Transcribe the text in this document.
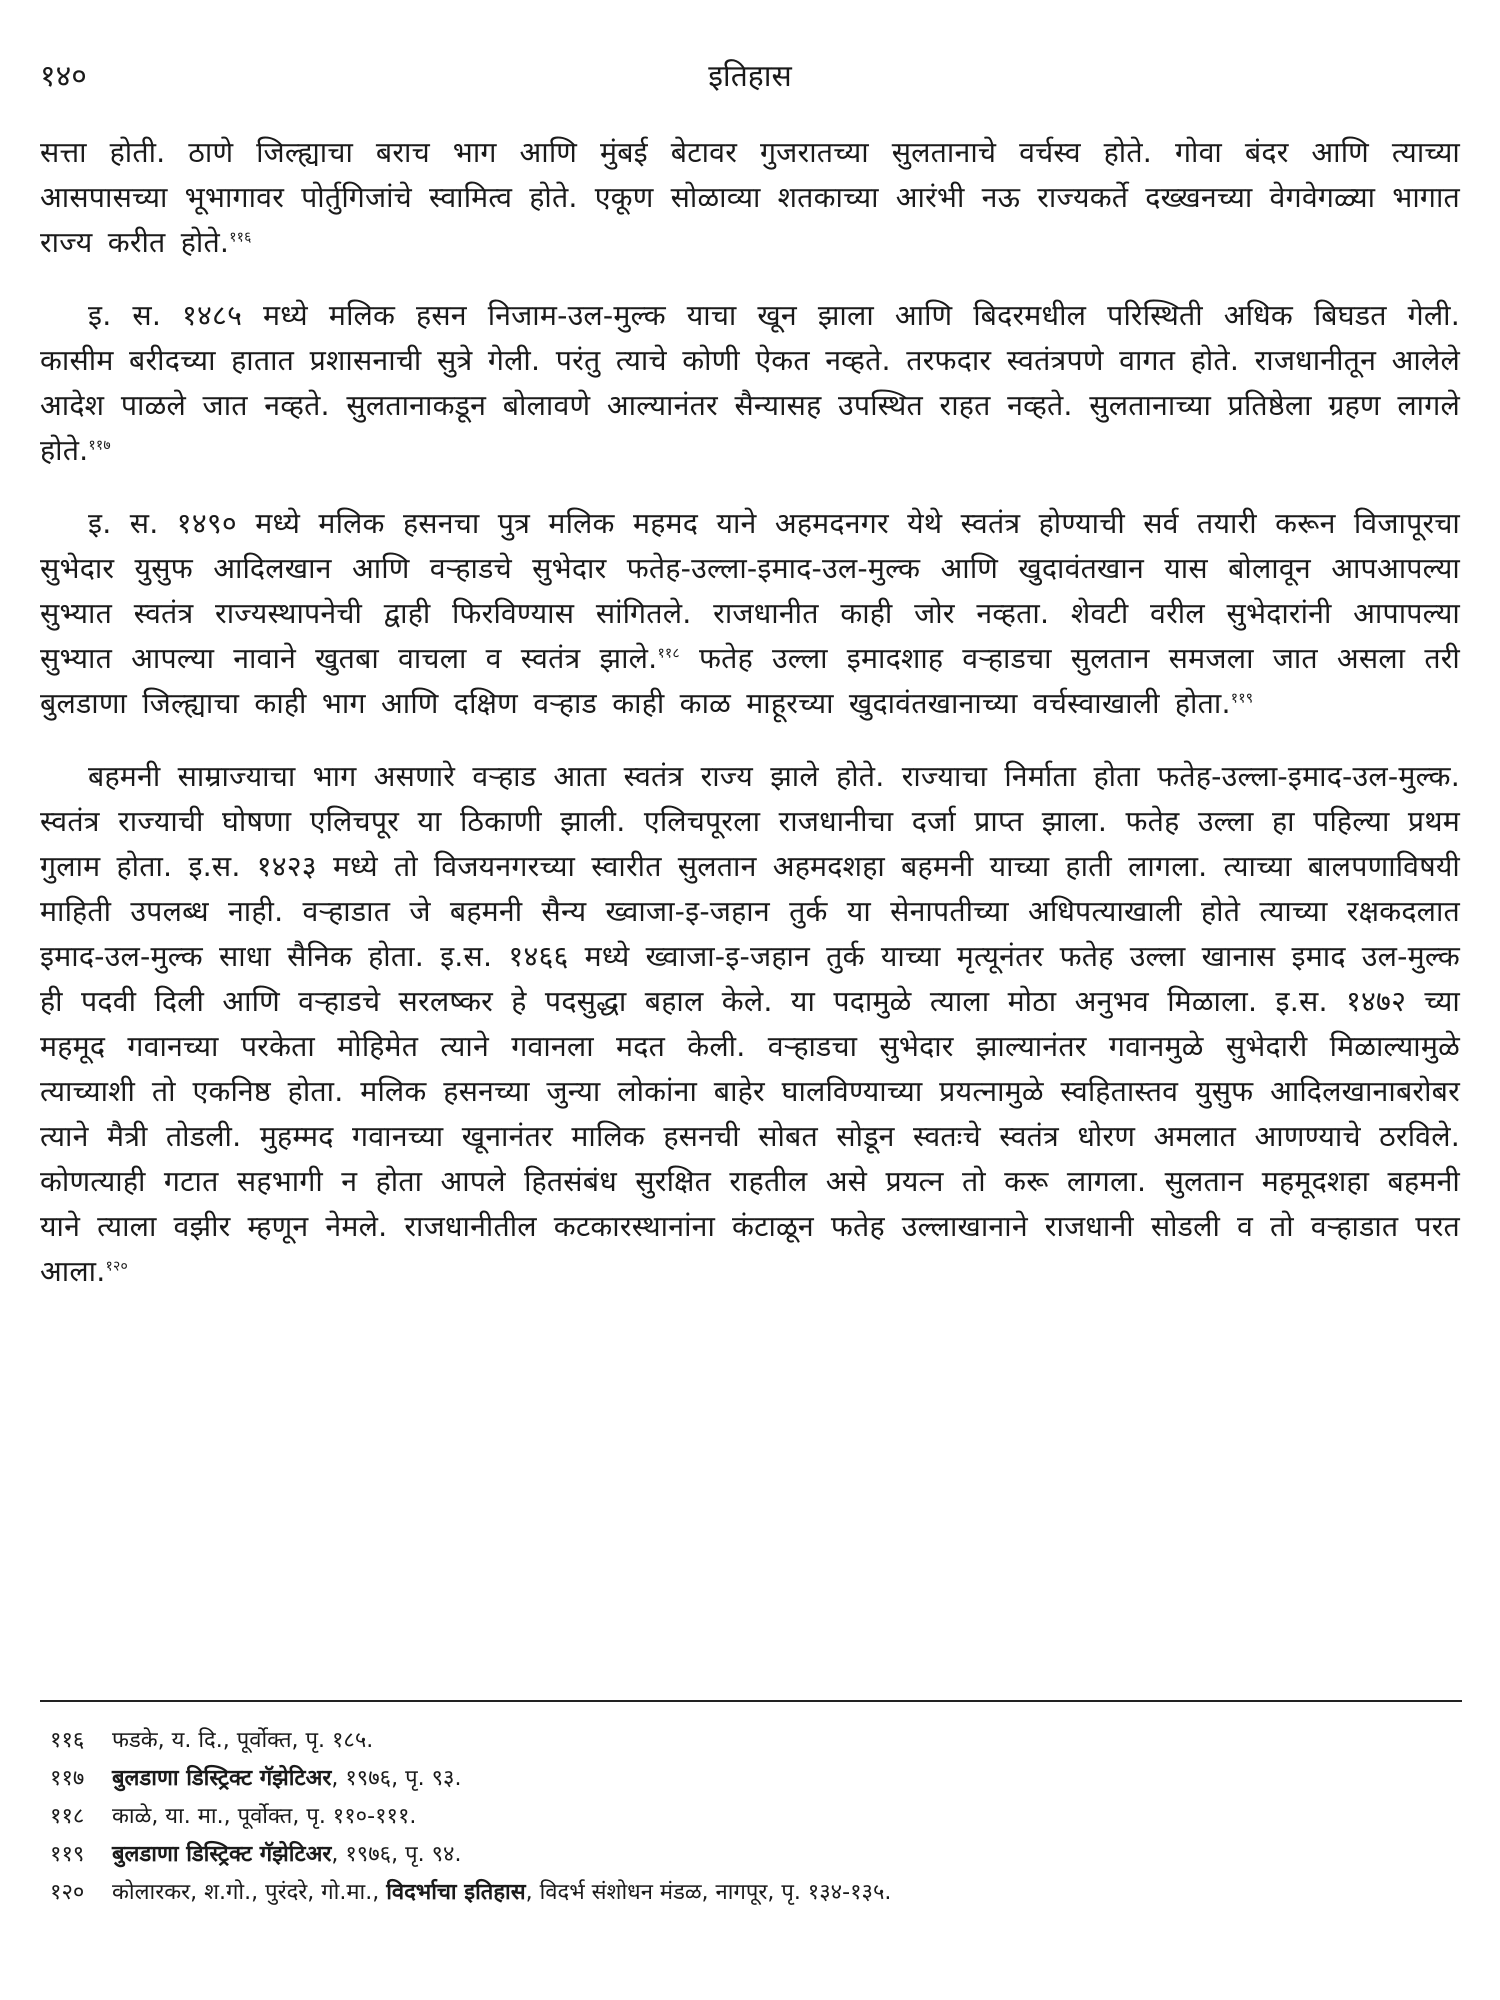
१४०	इतिहास

सत्ता होती. ठाणे जिल्ह्याचा बराच भाग आणि मुंबई बेटावर गुजरातच्या सुलतानाचे वर्चस्व होते. गोवा बंदर आणि त्याच्या आसपासच्या भूभागावर पोर्तुगिजांचे स्वामित्व होते. एकूण सोळाव्या शतकाच्या आरंभी नऊ राज्यकर्ते दख्खनच्या वेगवेगळ्या भागात राज्य करीत होते.$^{११६}$

इ. स. १४८५ मध्ये मलिक हसन निजाम-उल-मुल्क याचा खून झाला आणि बिदरमधील परिस्थिती अधिक बिघडत गेली. कासीम बरीदच्या हातात प्रशासनाची सुत्रे गेली. परंतु त्याचे कोणी ऐकत नव्हते. तरफदार स्वतंत्रपणे वागत होते. राजधानीतून आलेले आदेश पाळले जात नव्हते. सुलतानाकडून बोलावणे आल्यानंतर सैन्यासह उपस्थित राहत नव्हते. सुलतानाच्या प्रतिष्ठेला ग्रहण लागले होते.$^{११७}$

इ. स. १४९० मध्ये मलिक हसनचा पुत्र मलिक महमद याने अहमदनगर येथे स्वतंत्र होण्याची सर्व तयारी करून विजापूरचा सुभेदार युसुफ आदिलखान आणि वऱ्हाडचे सुभेदार फतेह-उल्ला-इमाद-उल-मुल्क आणि खुदावंतखान यास बोलावून आपआपल्या सुभ्यात स्वतंत्र राज्यस्थापनेची द्वाही फिरविण्यास सांगितले. राजधानीत काही जोर नव्हता. शेवटी वरील सुभेदारांनी आपापल्या सुभ्यात आपल्या नावाने खुतबा वाचला व स्वतंत्र झाले.$^{११८}$ फतेह उल्ला इमादशाह वऱ्हाडचा सुलतान समजला जात असला तरी बुलडाणा जिल्ह्याचा काही भाग आणि दक्षिण वऱ्हाड काही काळ माहूरच्या खुदावंतखानाच्या वर्चस्वाखाली होता.$^{११९}$

बहमनी साम्राज्याचा भाग असणारे वऱ्हाड आता स्वतंत्र राज्य झाले होते. राज्याचा निर्माता होता फतेह-उल्ला-इमाद-उल-मुल्क. स्वतंत्र राज्याची घोषणा एलिचपूर या ठिकाणी झाली. एलिचपूरला राजधानीचा दर्जा प्राप्त झाला. फतेह उल्ला हा पहिल्या प्रथम गुलाम होता. इ.स. १४२३ मध्ये तो विजयनगरच्या स्वारीत सुलतान अहमदशहा बहमनी याच्या हाती लागला. त्याच्या बालपणाविषयी माहिती उपलब्ध नाही. वऱ्हाडात जे बहमनी सैन्य ख्वाजा-इ-जहान तुर्क या सेनापतीच्या अधिपत्याखाली होते त्याच्या रक्षकदलात इमाद-उल-मुल्क साधा सैनिक होता. इ.स. १४६६ मध्ये ख्वाजा-इ-जहान तुर्क याच्या मृत्यूनंतर फतेह उल्ला खानास इमाद उल-मुल्क ही पदवी दिली आणि वऱ्हाडचे सरलष्कर हे पदसुद्धा बहाल केले. या पदामुळे त्याला मोठा अनुभव मिळाला. इ.स. १४७२ च्या महमूद गवानच्या परकेता मोहिमेत त्याने गवानला मदत केली. वऱ्हाडचा सुभेदार झाल्यानंतर गवानमुळे सुभेदारी मिळाल्यामुळे त्याच्याशी तो एकनिष्ठ होता. मलिक हसनच्या जुन्या लोकांना बाहेर घालविण्याच्या प्रयत्नामुळे स्वहितास्तव युसुफ आदिलखानाबरोबर त्याने मैत्री तोडली. मुहम्मद गवानच्या खूनानंतर मालिक हसनची सोबत सोडून स्वतःचे स्वतंत्र धोरण अमलात आणण्याचे ठरविले. कोणत्याही गटात सहभागी न होता आपले हितसंबंध सुरक्षित राहतील असे प्रयत्न तो करू लागला. सुलतान महमूदशहा बहमनी याने त्याला वझीर म्हणून नेमले. राजधानीतील कटकारस्थानांना कंटाळून फतेह उल्लाखानाने राजधानी सोडली व तो वऱ्हाडात परत आला.$^{१२०}$

११६ फडके, य. दि., पूर्वोक्त, पृ. १८५.
११७ बुलडाणा डिस्ट्रिक्ट गॅझेटिअर, १९७६, पृ. ९३.
११८ काळे, या. मा., पूर्वोक्त, पृ. ११०-१११.
११९ बुलडाणा डिस्ट्रिक्ट गॅझेटिअर, १९७६, पृ. ९४.
१२० कोलारकर, श.गो., पुरंदरे, गो.मा., विदर्भाचा इतिहास, विदर्भ संशोधन मंडळ, नागपूर, पृ. १३४-१३५.
